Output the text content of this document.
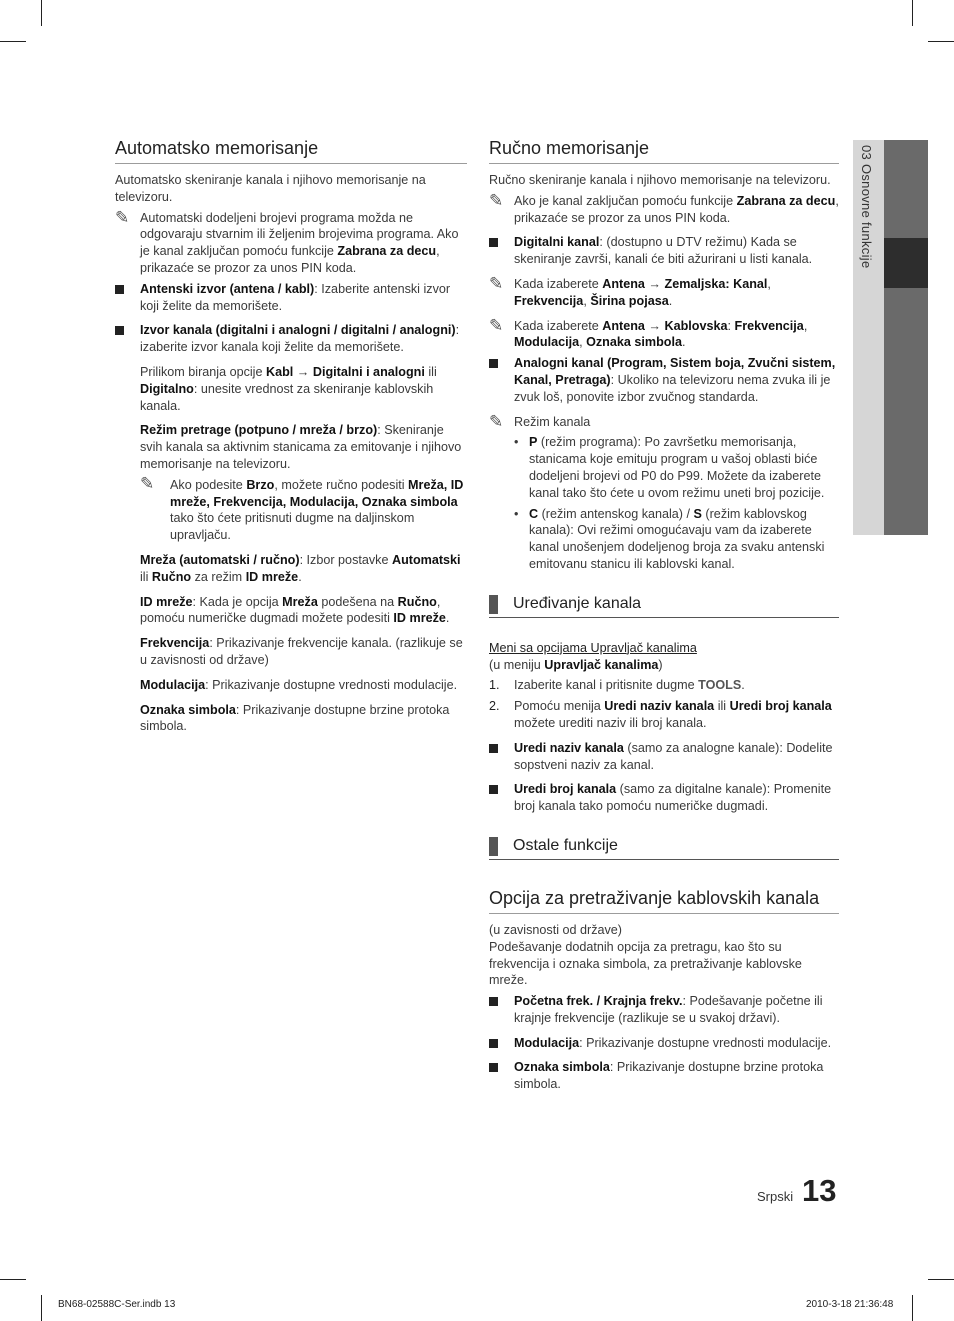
Automatsko memorisanje

Automatsko skeniranje kanala i njihovo memorisanje na televizoru.

✎ Automatski dodeljeni brojevi programa možda ne odgovaraju stvarnim ili željenim brojevima programa. Ako je kanal zaključan pomoću funkcije Zabrana za decu, prikazaće se prozor za unos PIN koda.
Antenski izvor (antena / kabl): Izaberite antenski izvor koji želite da memorišete.
Izvor kanala (digitalni i analogni / digitalni / analogni): izaberite izvor kanala koji želite da memorišete.
Prilikom biranja opcije Kabl → Digitalni i analogni ili Digitalno: unesite vrednost za skeniranje kablovskih kanala.
Režim pretrage (potpuno / mreža / brzo): Skeniranje svih kanala sa aktivnim stanicama za emitovanje i njihovo memorisanje na televizoru.
✎ Ako podesite Brzo, možete ručno podesiti Mreža, ID mreže, Frekvencija, Modulacija, Oznaka simbola tako što ćete pritisnuti dugme na daljinskom upravljaču.
Mreža (automatski / ručno): Izbor postavke Automatski ili Ručno za režim ID mreže.
ID mreže: Kada je opcija Mreža podešena na Ručno, pomoću numeričke dugmadi možete podesiti ID mreže.
Frekvencija: Prikazivanje frekvencije kanala. (razlikuje se u zavisnosti od države)
Modulacija: Prikazivanje dostupne vrednosti modulacije.
Oznaka simbola: Prikazivanje dostupne brzine protoka simbola.
Ručno memorisanje

Ručno skeniranje kanala i njihovo memorisanje na televizoru.

✎ Ako je kanal zaključan pomoću funkcije Zabrana za decu, prikazaće se prozor za unos PIN koda.
Digitalni kanal: (dostupno u DTV režimu) Kada se skeniranje završi, kanali će biti ažurirani u listi kanala.
✎ Kada izaberete Antena → Zemaljska: Kanal, Frekvencija, Širina pojasa.
✎ Kada izaberete Antena → Kablovska: Frekvencija, Modulacija, Oznaka simbola.
Analogni kanal (Program, Sistem boja, Zvučni sistem, Kanal, Pretraga): Ukoliko na televizoru nema zvuka ili je zvuk loš, ponovite izbor zvučnog standarda.
✎ Režim kanala
• P (režim programa): Po završetku memorisanja, stanicama koje emituju program u vašoj oblasti biće dodeljeni brojevi od P0 do P99. Možete da izaberete kanal tako što ćete u ovom režimu uneti broj pozicije.
• C (režim antenskog kanala) / S (režim kablovskog kanala): Ovi režimi omogućavaju vam da izaberete kanal unošenjem dodeljenog broja za svaku antenski emitovanu stanicu ili kablovski kanal.
Uređivanje kanala

Meni sa opcijama Upravljač kanalima

(u meniju Upravljač kanalima)

1. Izaberite kanal i pritisnite dugme TOOLS.
2. Pomoću menija Uredi naziv kanala ili Uredi broj kanala možete urediti naziv ili broj kanala.
Uredi naziv kanala (samo za analogne kanale): Dodelite sopstveni naziv za kanal.
Uredi broj kanala (samo za digitalne kanale): Promenite broj kanala tako pomoću numeričke dugmadi.
Ostale funkcije
Opcija za pretraživanje kablovskih kanala

(u zavisnosti od države)

Podešavanje dodatnih opcija za pretragu, kao što su frekvencija i oznaka simbola, za pretraživanje kablovske mreže.

Početna frek. / Krajnja frekv.: Podešavanje početne ili krajnje frekvencije (razlikuje se u svakoj državi).
Modulacija: Prikazivanje dostupne vrednosti modulacije.
Oznaka simbola: Prikazivanje dostupne brzine protoka simbola.
03 Osnovne funkcije
Srpski 13
BN68-02588C-Ser.indb 13	2010-3-18 21:36:48
